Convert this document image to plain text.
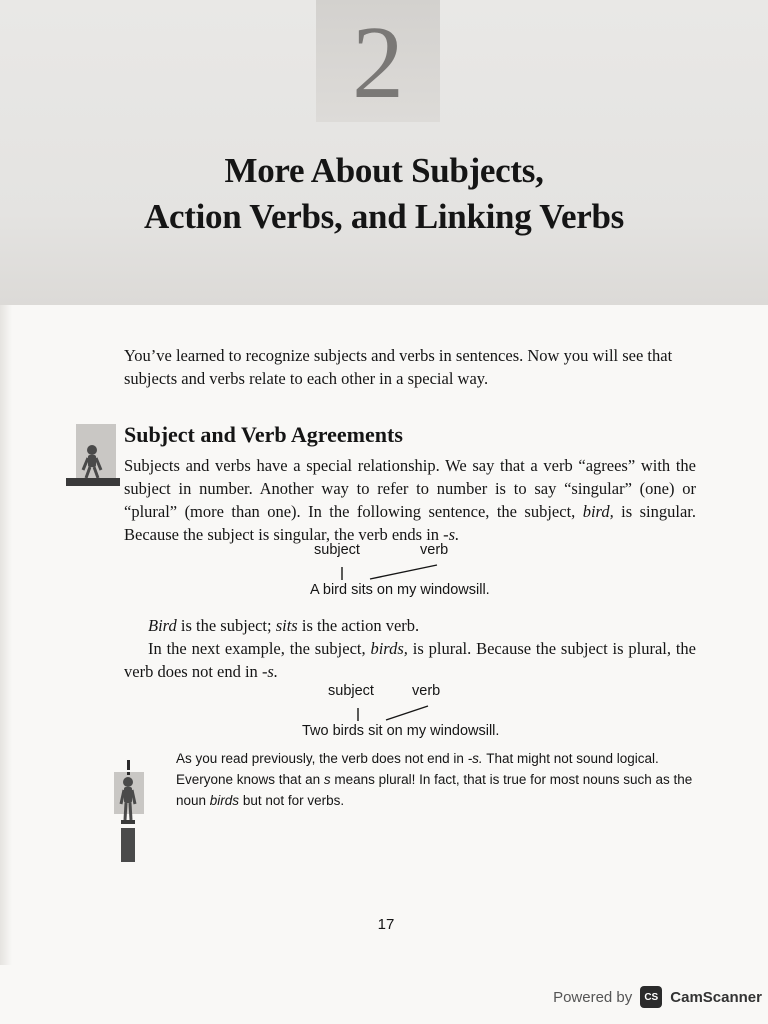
2
More About Subjects,
Action Verbs, and Linking Verbs

You’ve learned to recognize subjects and verbs in sentences. Now you will see that subjects and verbs relate to each other in a special way.

Subject and Verb Agreements

Subjects and verbs have a special relationship. We say that a verb “agrees” with the subject in number. Another way to refer to number is to say “singular” (one) or “plural” (more than one). In the following sentence, the subject, bird, is singular. Because the subject is singular, the verb ends in -s.

subject	verb
A bird sits on my windowsill.

Bird is the subject; sits is the action verb.
In the next example, the subject, birds, is plural. Because the subject is plural, the verb does not end in -s.

subject	verb
Two birds sit on my windowsill.

As you read previously, the verb does not end in -s. That might not sound logical. Everyone knows that an s means plural! In fact, that is true for most nouns such as the noun birds but not for verbs.

17
Powered by CS CamScanner
